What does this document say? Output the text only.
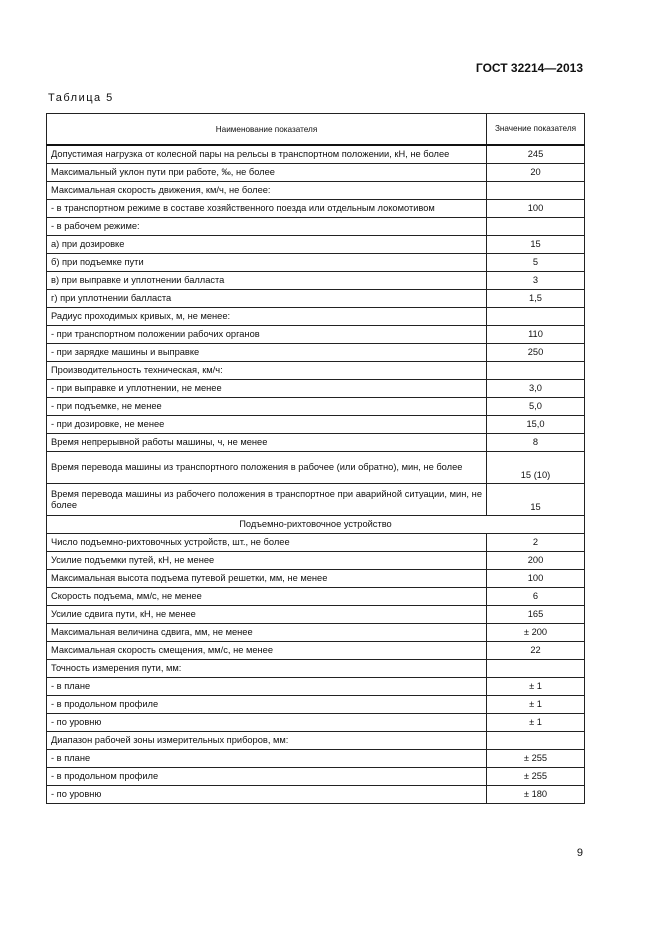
ГОСТ 32214—2013
Таблица 5
Наименование показателя	Значение показателя
Допустимая нагрузка от колесной пары на рельсы в транспортном положении, кН, не более	245
Максимальный уклон пути при работе, ‰, не более	20
Максимальная скорость движения, км/ч, не более:	
- в транспортном режиме в составе хозяйственного поезда или отдельным локомотивом	100
- в рабочем режиме:	
а) при дозировке	15
б) при подъемке пути	5
в) при выправке и уплотнении балласта	3
г) при уплотнении балласта	1,5
Радиус проходимых кривых, м, не менее:	
- при транспортном положении рабочих органов	110
- при зарядке машины и выправке	250
Производительность техническая, км/ч:	
- при выправке и уплотнении, не менее	3,0
- при подъемке, не менее	5,0
- при дозировке, не менее	15,0
Время непрерывной работы машины, ч, не менее	8
Время перевода машины из транспортного положения в рабочее (или обратно), мин, не более	15 (10)
Время перевода машины из рабочего положения в транспортное при аварийной ситуации, мин, не более	15
Подъемно-рихтовочное устройство	
Число подъемно-рихтовочных устройств, шт., не более	2
Усилие подъемки путей, кН, не менее	200
Максимальная высота подъема путевой решетки, мм, не менее	100
Скорость подъема, мм/с, не менее	6
Усилие сдвига пути, кН, не менее	165
Максимальная величина сдвига, мм, не менее	± 200
Максимальная скорость смещения, мм/с, не менее	22
Точность измерения пути, мм:	
- в плане	± 1
- в продольном профиле	± 1
- по уровню	± 1
Диапазон рабочей зоны измерительных приборов, мм:	
- в плане	± 255
- в продольном профиле	± 255
- по уровню	± 180
9
